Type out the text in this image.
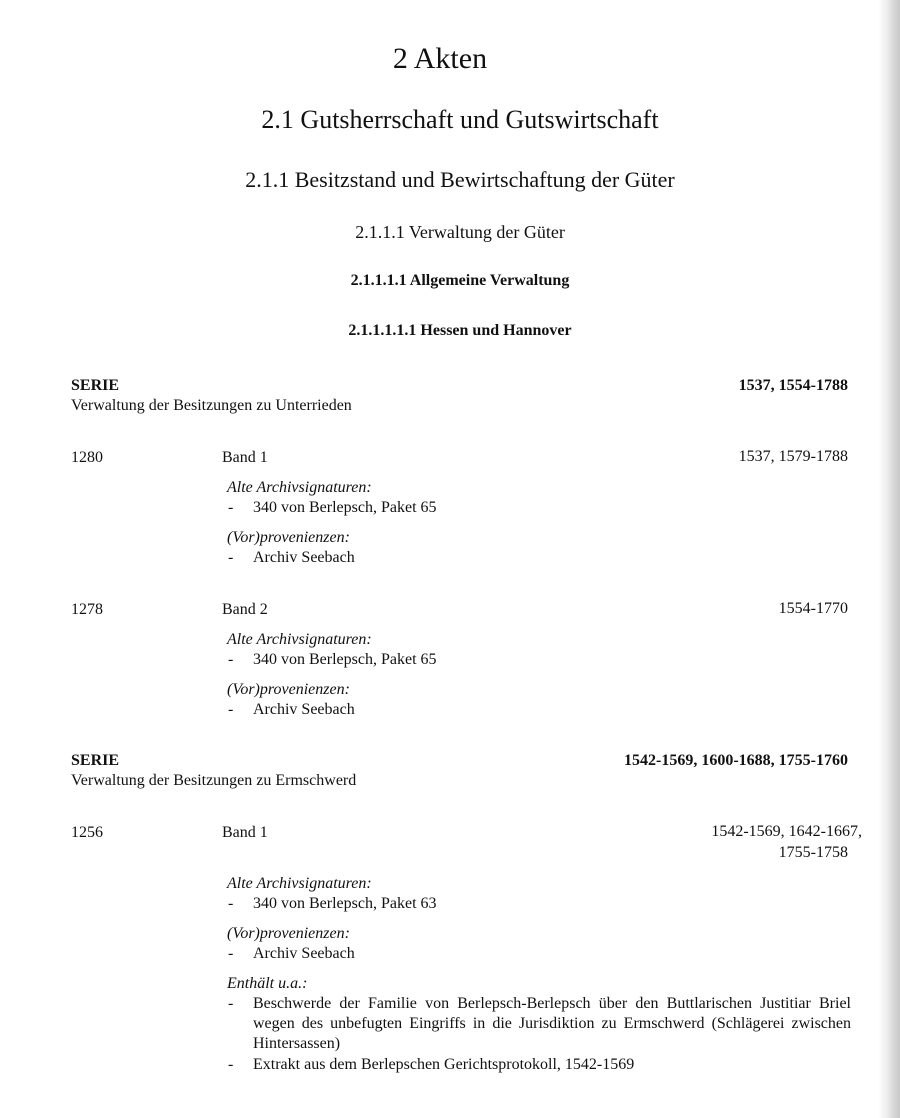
2 Akten
2.1 Gutsherrschaft und Gutswirtschaft
2.1.1 Besitzstand und Bewirtschaftung der Güter
2.1.1.1 Verwaltung der Güter
2.1.1.1.1 Allgemeine Verwaltung
2.1.1.1.1.1 Hessen und Hannover
SERIE	1537, 1554-1788
Verwaltung der Besitzungen zu Unterrieden
1280	Band 1	1537, 1579-1788
Alte Archivsignaturen:
- 340 von Berlepsch, Paket 65
(Vor)provenienzen:
- Archiv Seebach
1278	Band 2	1554-1770
Alte Archivsignaturen:
- 340 von Berlepsch, Paket 65
(Vor)provenienzen:
- Archiv Seebach
SERIE	1542-1569, 1600-1688, 1755-1760
Verwaltung der Besitzungen zu Ermschwerd
1256	Band 1	1542-1569, 1642-1667,
1755-1758
Alte Archivsignaturen:
- 340 von Berlepsch, Paket 63
(Vor)provenienzen:
- Archiv Seebach
Enthält u.a.:
- Beschwerde der Familie von Berlepsch-Berlepsch über den Buttlarischen Justitiar Briel wegen des unbefugten Eingriffs in die Jurisdiktion zu Ermschwerd (Schlägerei zwischen Hintersassen)
- Extrakt aus dem Berlepschen Gerichtsprotokoll, 1542-1569
